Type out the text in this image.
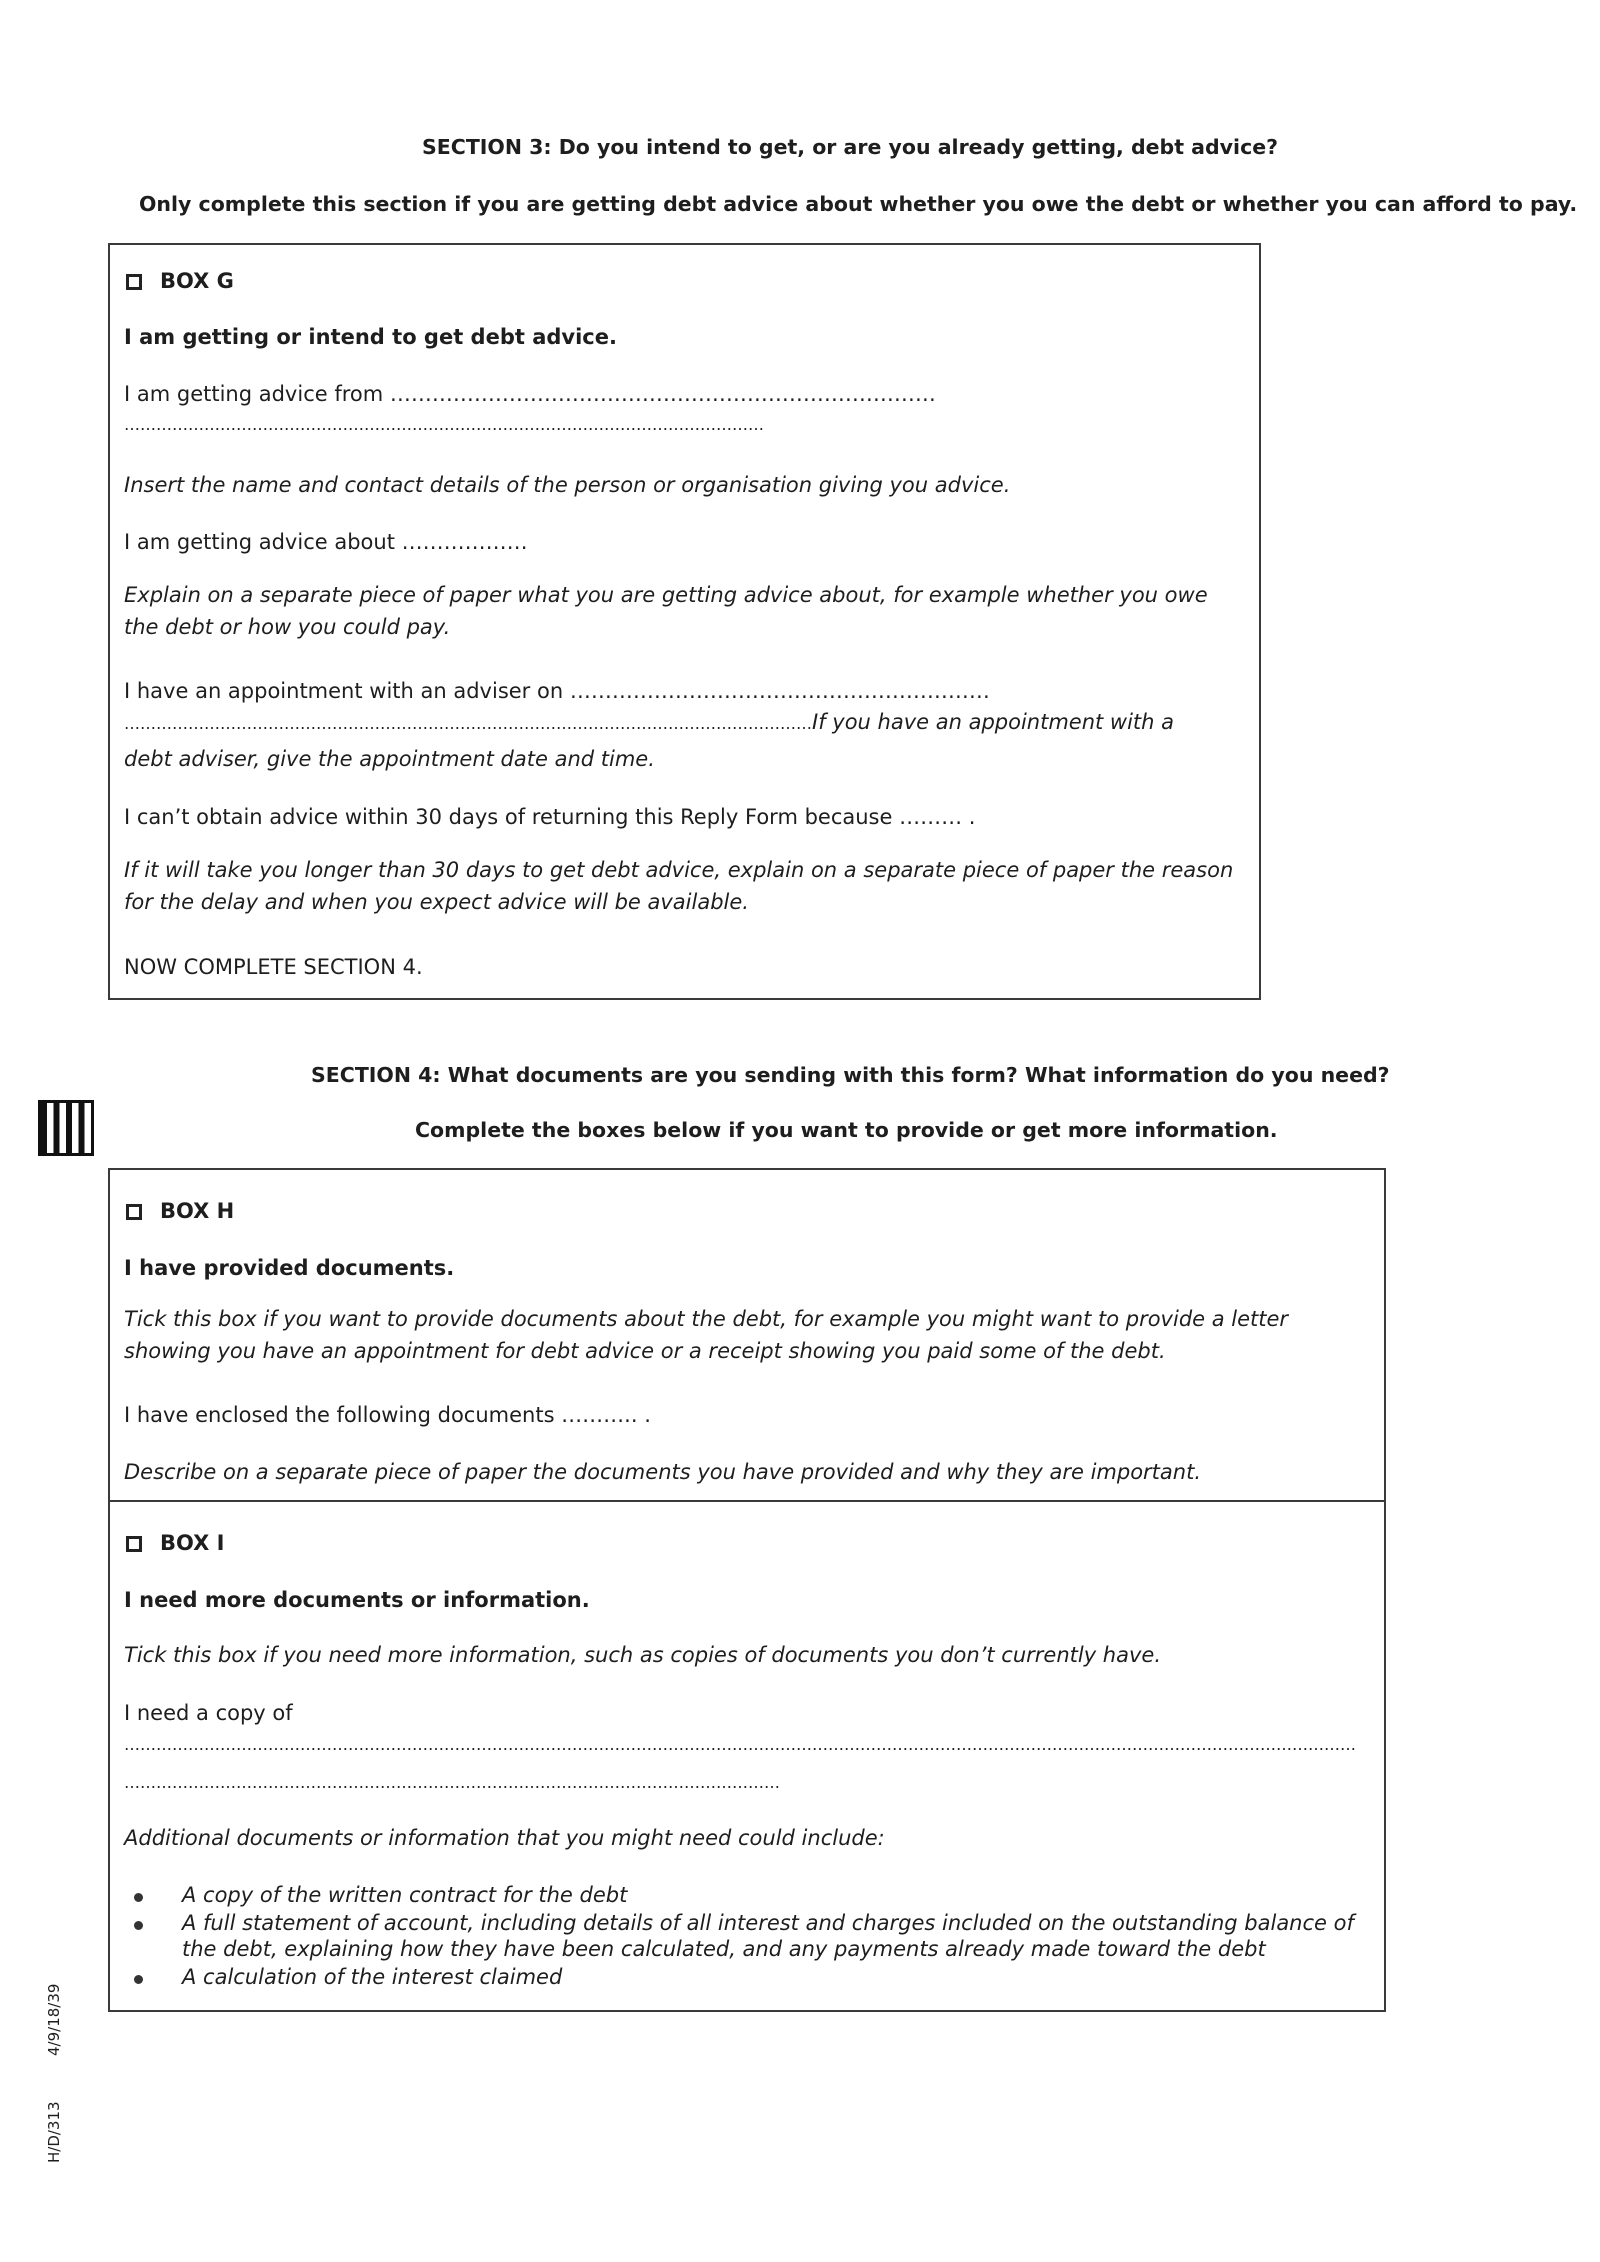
SECTION 3: Do you intend to get, or are you already getting, debt advice?
Only complete this section if you are getting debt advice about whether you owe the debt or whether you can afford to pay.
BOX G
I am getting or intend to get debt advice.
I am getting advice from ……………………………………………………………………
…………………………………………………………………………………………………………
Insert the name and contact details of the person or organisation giving you advice.
I am getting advice about ………………
Explain on a separate piece of paper what you are getting advice about, for example whether you owe the debt or how you could pay.
I have an appointment with an adviser on ……………………………………………………
…………………………………………………………………………………………………………………If you have an appointment with a
debt adviser, give the appointment date and time.
I can’t obtain advice within 30 days of returning this Reply Form because ……… .
If it will take you longer than 30 days to get debt advice, explain on a separate piece of paper the reason for the delay and when you expect advice will be available.
NOW COMPLETE SECTION 4.
SECTION 4: What documents are you sending with this form? What information do you need?
Complete the boxes below if you want to provide or get more information.
BOX H
I have provided documents.
Tick this box if you want to provide documents about the debt, for example you might want to provide a letter showing you have an appointment for debt advice or a receipt showing you paid some of the debt.
I have enclosed the following documents ……….. .
Describe on a separate piece of paper the documents you have provided and why they are important.
BOX I
I need more documents or information.
Tick this box if you need more information, such as copies of documents you don’t currently have.
I need a copy of
……………………………………………………………………………………………………………………………………………………………………………………………………………
……………………………………………………………………………………………………………
Additional documents or information that you might need could include:
A copy of the written contract for the debt
A full statement of account, including details of all interest and charges included on the outstanding balance of the debt, explaining how they have been calculated, and any payments already made toward the debt
A calculation of the interest claimed
4/9/18/39
H/D/313
